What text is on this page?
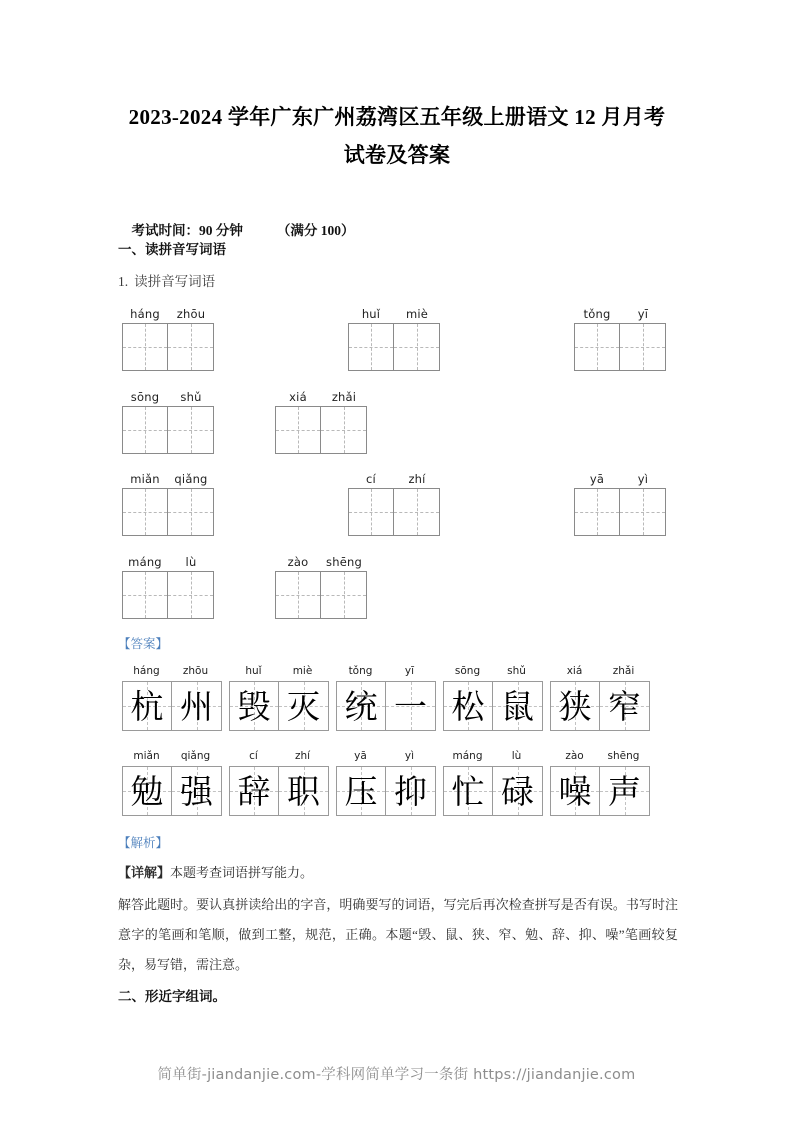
2023-2024 学年广东广州荔湾区五年级上册语文 12 月月考
试卷及答案

考试时间：90 分钟	（满分 100）

一、读拼音写词语
1. 读拼音写词语
háng	zhōu	huǐ	miè	tǒng	yī
sōng	shǔ	xiá	zhǎi
miǎn	qiǎng	cí	zhí	yā	yì
máng	lù	zào	shēng
【答案】
háng	zhōu
杭 州
huǐ	miè
毁 灭
tǒng	yī
统 一
sōng	shǔ
松 鼠
xiá	zhǎi
狭 窄
miǎn	qiǎng
勉 强
cí	zhí
辞 职
yā	yì
压 抑
máng	lù
忙 碌
zào	shēng
噪 声
【解析】
【详解】本题考查词语拼写能力。
解答此题时。要认真拼读给出的字音，明确要写的词语，写完后再次检查拼写是否有误。书写时注意字的笔画和笔顺，做到工整，规范，正确。本题“毁、鼠、狭、窄、勉、辞、抑、噪”笔画较复杂，易写错，需注意。
二、形近字组词。
简单街-jiandanjie.com-学科网简单学习一条街 https://jiandanjie.com
